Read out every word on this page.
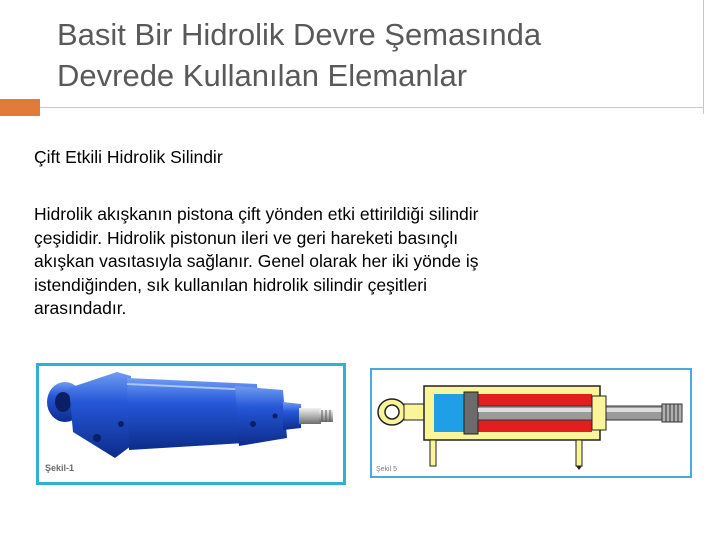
Basit Bir Hidrolik Devre Şemasında
Devrede Kullanılan Elemanlar
Çift Etkili Hidrolik Silindir
Hidrolik akışkanın pistona çift yönden etki ettirildiği silindir
çeşididir. Hidrolik pistonun ileri ve geri hareketi basınçlı
akışkan vasıtasıyla sağlanır. Genel olarak her iki yönde iş
istendiğinden, sık kullanılan hidrolik silindir çeşitleri
arasındadır.
Şekil-1	Şekil 5
